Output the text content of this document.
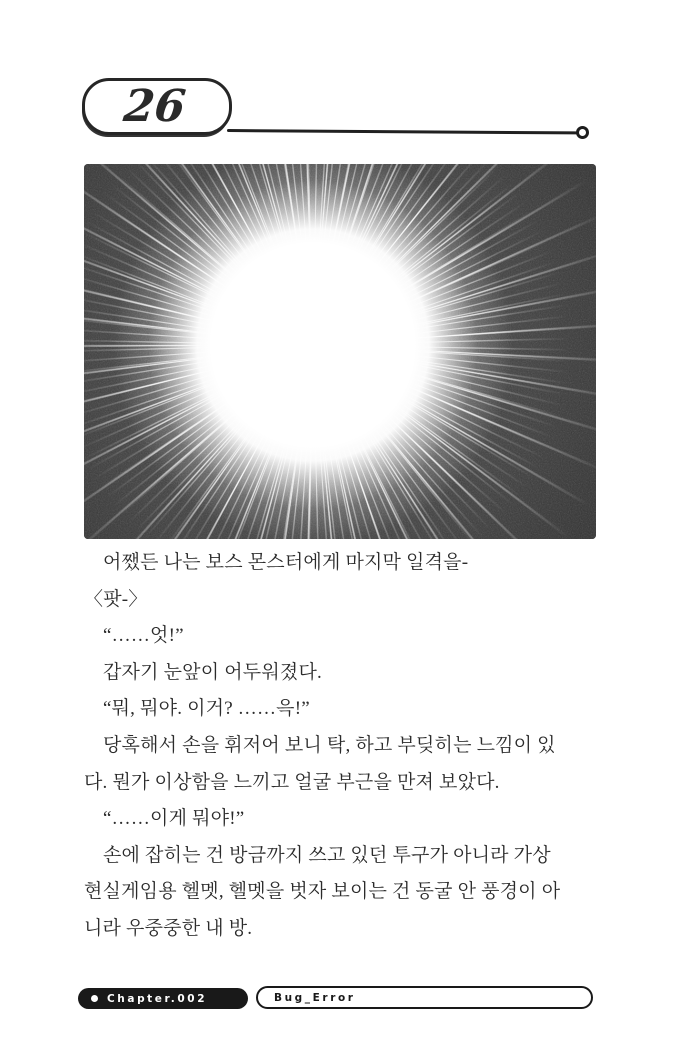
26

어쨌든 나는 보스 몬스터에게 마지막 일격을-

〈팟-〉

“……엇!”

갑자기 눈앞이 어두워졌다.

“뭐, 뭐야. 이거? ……윽!”

당혹해서 손을 휘저어 보니 탁, 하고 부딪히는 느낌이 있

다. 뭔가 이상함을 느끼고 얼굴 부근을 만져 보았다.

“……이게 뭐야!”

손에 잡히는 건 방금까지 쓰고 있던 투구가 아니라 가상

현실게임용 헬멧, 헬멧을 벗자 보이는 건 동굴 안 풍경이 아

니라 우중중한 내 방.

Chapter.002	Bug_Error
